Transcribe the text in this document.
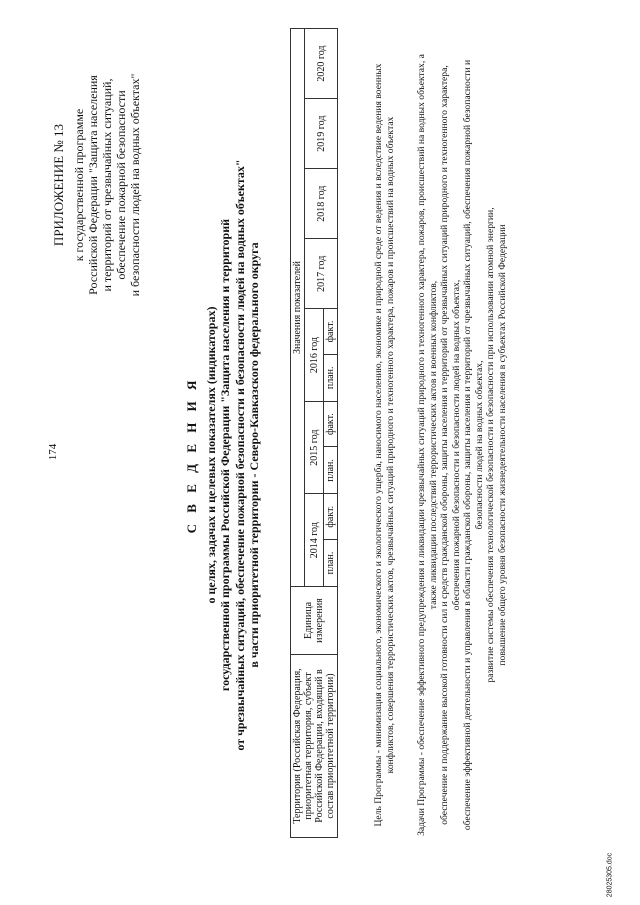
174
28025305.doc
ПРИЛОЖЕНИЕ № 13 к государственной программе Российской Федерации "Защита населения и территорий от чрезвычайных ситуаций, обеспечение пожарной безопасности и безопасности людей на водных объектах"
С В Е Д Е Н И Я о целях, задачах и целевых показателях (индикаторах) государственной программы Российской Федерации "Защита населения и территорий от чрезвычайных ситуаций, обеспечение пожарной безопасности и безопасности людей на водных объектах" в части приоритетной территории - Северо-Кавказского федерального округа
Территория (Российская Федерация, приоритетная территория, субъект Российской Федерации, входящий в состав приоритетной территории)	Единица измерения	Значения показателей									
		2014 год		2015 год		2016 год		2017 год	2018 год	2019 год	2020 год
		план.	факт.	план.	факт.	план.	факт.				
Цель Программы - минимизация социального, экономического и экологического ущерба, наносимого населению, экономике и природной среде от ведения и вследствие ведения военных конфликтов, совершения террористических актов, чрезвычайных ситуаций природного и техногенного характера, пожаров и происшествий на водных объектах
Задачи Программы - обеспечение эффективного предупреждения и ликвидации чрезвычайных ситуаций природного и техногенного характера, пожаров, происшествий на водных объектах, а также ликвидации последствий террористических актов и военных конфликтов, обеспечение и поддержание высокой готовности сил и средств гражданской обороны, защиты населения и территорий от чрезвычайных ситуаций природного и техногенного характера, обеспечения пожарной безопасности и безопасности людей на водных объектах, обеспечение эффективной деятельности и управления в области гражданской обороны, защиты населения и территорий от чрезвычайных ситуаций, обеспечения пожарной безопасности и безопасности людей на водных объектах, развитие системы обеспечения технологической безопасности и безопасности при использовании атомной энергии, повышение общего уровня безопасности жизнедеятельности населения в субъектах Российской Федерации
